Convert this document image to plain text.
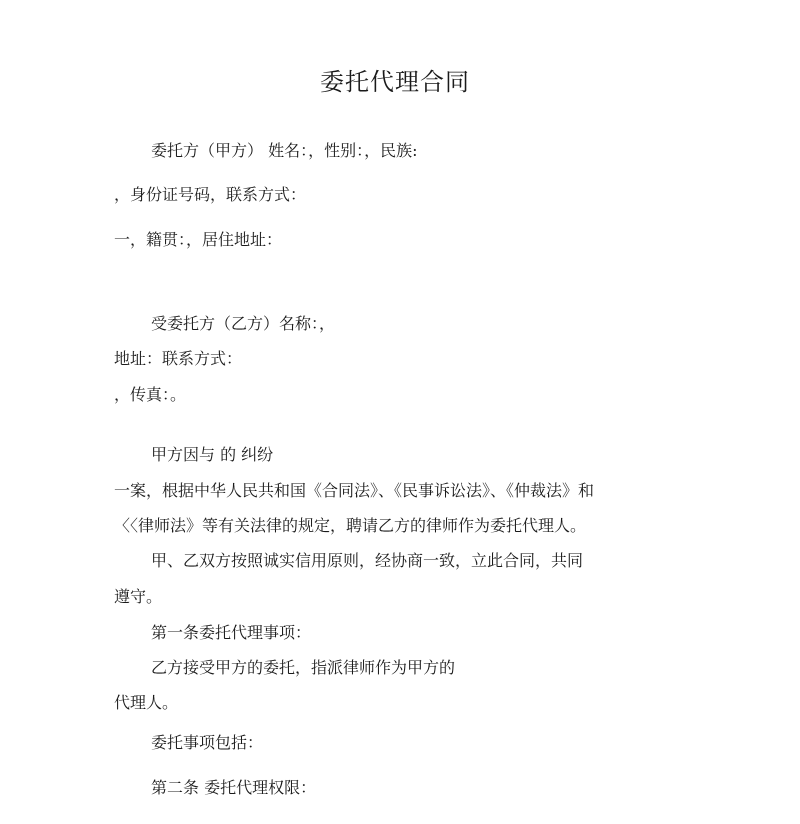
委托代理合同
委托方（甲方） 姓名：，性别：，民族:
，身份证号码，联系方式：
一，籍贯：，居住地址：
受委托方（乙方）名称：，
地址：联系方式：
，传真：。
甲方因与 的 纠纷
一案，根据中华人民共和国《合同法》、《民事诉讼法》、《仲裁法》和
〈〈律师法》等有关法律的规定，聘请乙方的律师作为委托代理人。
甲、乙双方按照诚实信用原则，经协商一致，立此合同，共同
遵守。
第一条委托代理事项：
乙方接受甲方的委托，指派律师作为甲方的
代理人。
委托事项包括：
第二条 委托代理权限：
